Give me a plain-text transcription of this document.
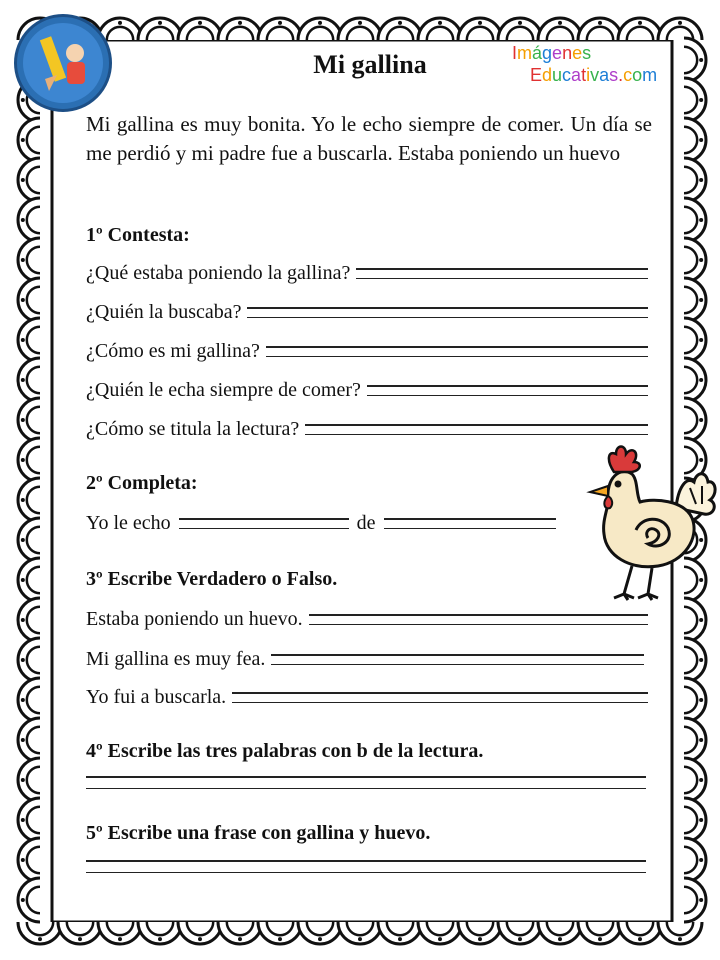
Mi gallina	Imágenes
Educativas.com
Mi gallina es muy bonita. Yo le echo siempre de comer. Un día se me perdió y mi padre fue a buscarla. Estaba poniendo un huevo
1º Contesta:
¿Qué estaba poniendo la gallina?
¿Quién la buscaba?
¿Cómo es mi gallina?
¿Quién le echa siempre de comer?
¿Cómo se titula la lectura?
2º Completa:
Yo le echo	de
3º Escribe Verdadero o Falso.
Estaba poniendo un huevo.
Mi gallina es muy fea.
Yo fui a buscarla.
4º Escribe las tres palabras con b de la lectura.
5º Escribe una frase con gallina y huevo.
